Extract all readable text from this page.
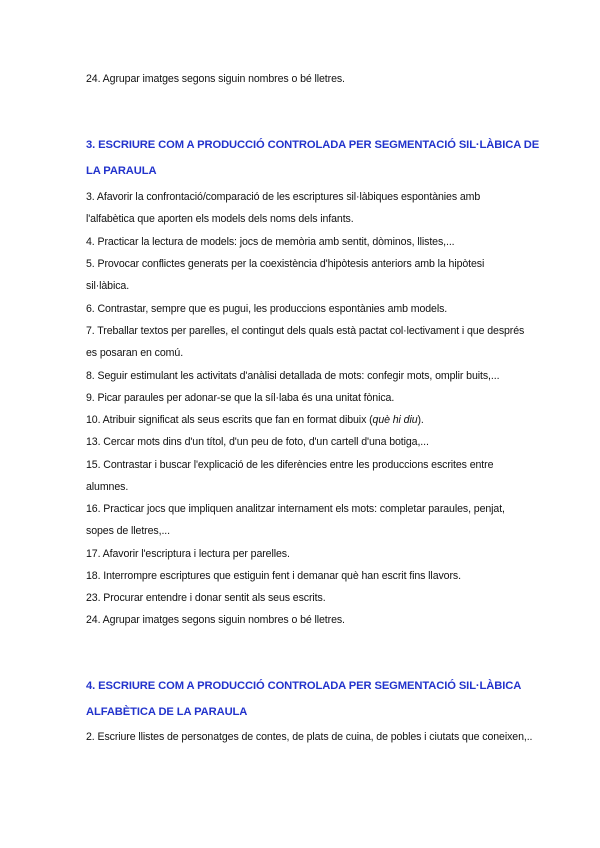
24. Agrupar imatges segons siguin nombres o bé lletres.
3. ESCRIURE COM A PRODUCCIÓ CONTROLADA PER SEGMENTACIÓ SIL·LÀBICA DE
LA PARAULA
3. Afavorir la confrontació/comparació de les escriptures sil·làbiques espontànies amb
l'alfabètica que aporten els models dels noms dels infants.
4. Practicar la lectura de models: jocs de memòria amb sentit, dòminos, llistes,...
5. Provocar conflictes generats per la coexistència d'hipòtesis anteriors amb la hipòtesi
sil·làbica.
6. Contrastar, sempre que es pugui, les produccions espontànies amb models.
7. Treballar textos per parelles, el contingut dels quals està pactat col·lectivament i que després
es posaran en comú.
8. Seguir estimulant les activitats d'anàlisi detallada de mots: confegir mots, omplir buits,...
9. Picar paraules per adonar-se que la síl·laba és una unitat fònica.
10. Atribuir significat als seus escrits que fan en format dibuix (què hi diu).
13. Cercar mots dins d'un títol, d'un peu de foto, d'un cartell d'una botiga,...
15. Contrastar i buscar l'explicació de les diferències entre les produccions escrites entre
alumnes.
16. Practicar jocs que impliquen analitzar internament els mots: completar paraules, penjat,
sopes de lletres,...
17. Afavorir l'escriptura i lectura per parelles.
18. Interrompre escriptures que estiguin fent i demanar què han escrit fins llavors.
23. Procurar entendre i donar sentit als seus escrits.
24. Agrupar imatges segons siguin nombres o bé lletres.
4. ESCRIURE COM A PRODUCCIÓ CONTROLADA PER SEGMENTACIÓ SIL·LÀBICA
ALFABÈTICA DE LA PARAULA
2. Escriure llistes de personatges de contes, de plats de cuina, de pobles i ciutats que coneixen,..
